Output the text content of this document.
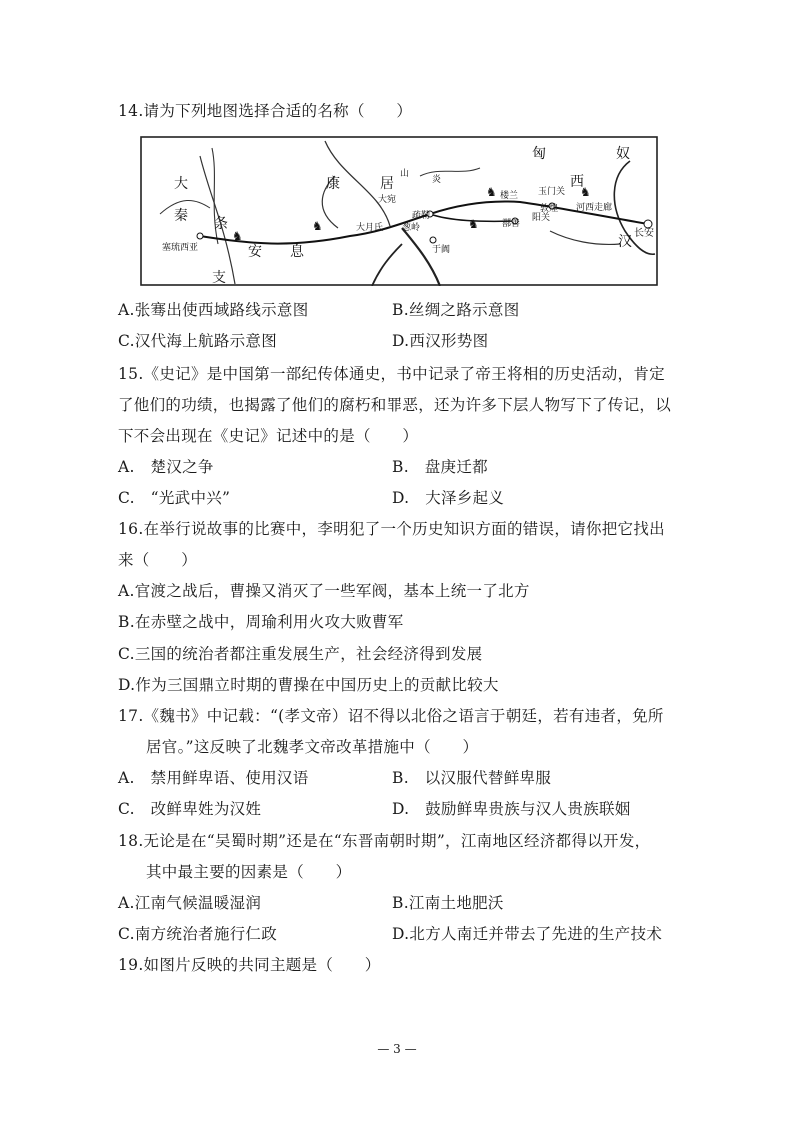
14.请为下列地图选择合适的名称（　　）
大
秦 条
支
安 息
康	居
大宛
疏勒
葱岭
大月氏
山
炎
匈	奴
西
楼兰 玉门关
敦煌
阳关
河西走廊
鄯善
于阗	汉
长安
塞琉西亚
♞
♞	♞
♞	♞
A.张骞出使西域路线示意图	B.丝绸之路示意图
C.汉代海上航路示意图	D.西汉形势图
15.《史记》是中国第一部纪传体通史，书中记录了帝王将相的历史活动，肯定
了他们的功绩，也揭露了他们的腐朽和罪恶，还为许多下层人物写下了传记，以
下不会出现在《史记》记述中的是（　　）
A.　楚汉之争	B.　盘庚迁都
C.　“光武中兴”	D.　大泽乡起义
16.在举行说故事的比赛中，李明犯了一个历史知识方面的错误，请你把它找出
来（　　）
A.官渡之战后，曹操又消灭了一些军阀，基本上统一了北方
B.在赤壁之战中，周瑜利用火攻大败曹军
C.三国的统治者都注重发展生产，社会经济得到发展
D.作为三国鼎立时期的曹操在中国历史上的贡献比较大
17.《魏书》中记载：“(孝文帝）诏不得以北俗之语言于朝廷，若有违者，免所
居官。”这反映了北魏孝文帝改革措施中（　　）
A.　禁用鲜卑语、使用汉语	B.　以汉服代替鲜卑服
C.　改鲜卑姓为汉姓	D.　鼓励鲜卑贵族与汉人贵族联姻
18.无论是在“吴蜀时期”还是在“东晋南朝时期”，江南地区经济都得以开发，
其中最主要的因素是（　　）
A.江南气候温暖湿润	B.江南土地肥沃
C.南方统治者施行仁政	D.北方人南迁并带去了先进的生产技术
19.如图片反映的共同主题是（　　）
— 3 —
